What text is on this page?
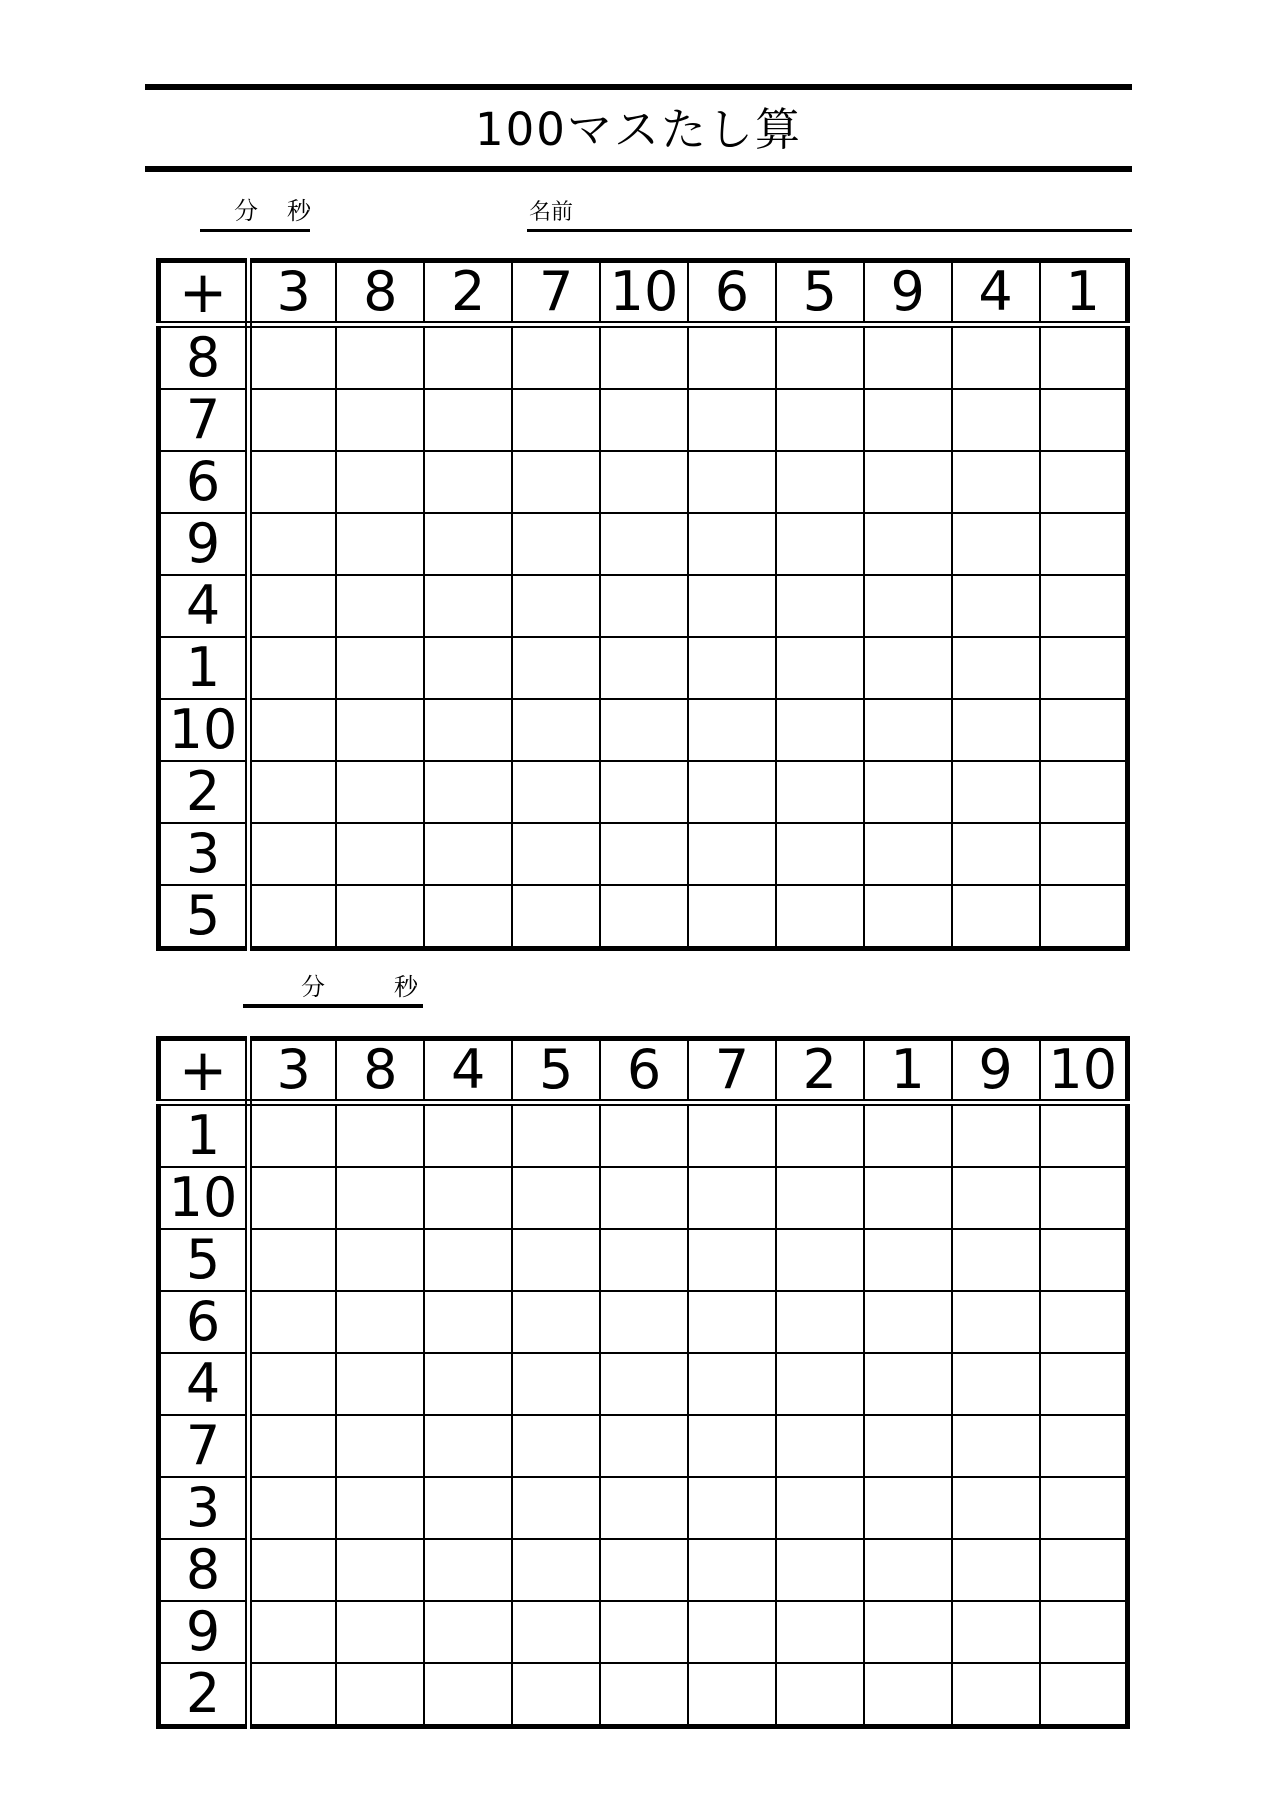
100マスたし算
分 秒	名前
+	3	8	2	7	10	6	5	9	4	1
8										
7										
6										
9										
4										
1										
10										
2										
3										
5										
分	秒
+	3	8	4	5	6	7	2	1	9	10
1										
10										
5										
6										
4										
7										
3										
8										
9										
2										
